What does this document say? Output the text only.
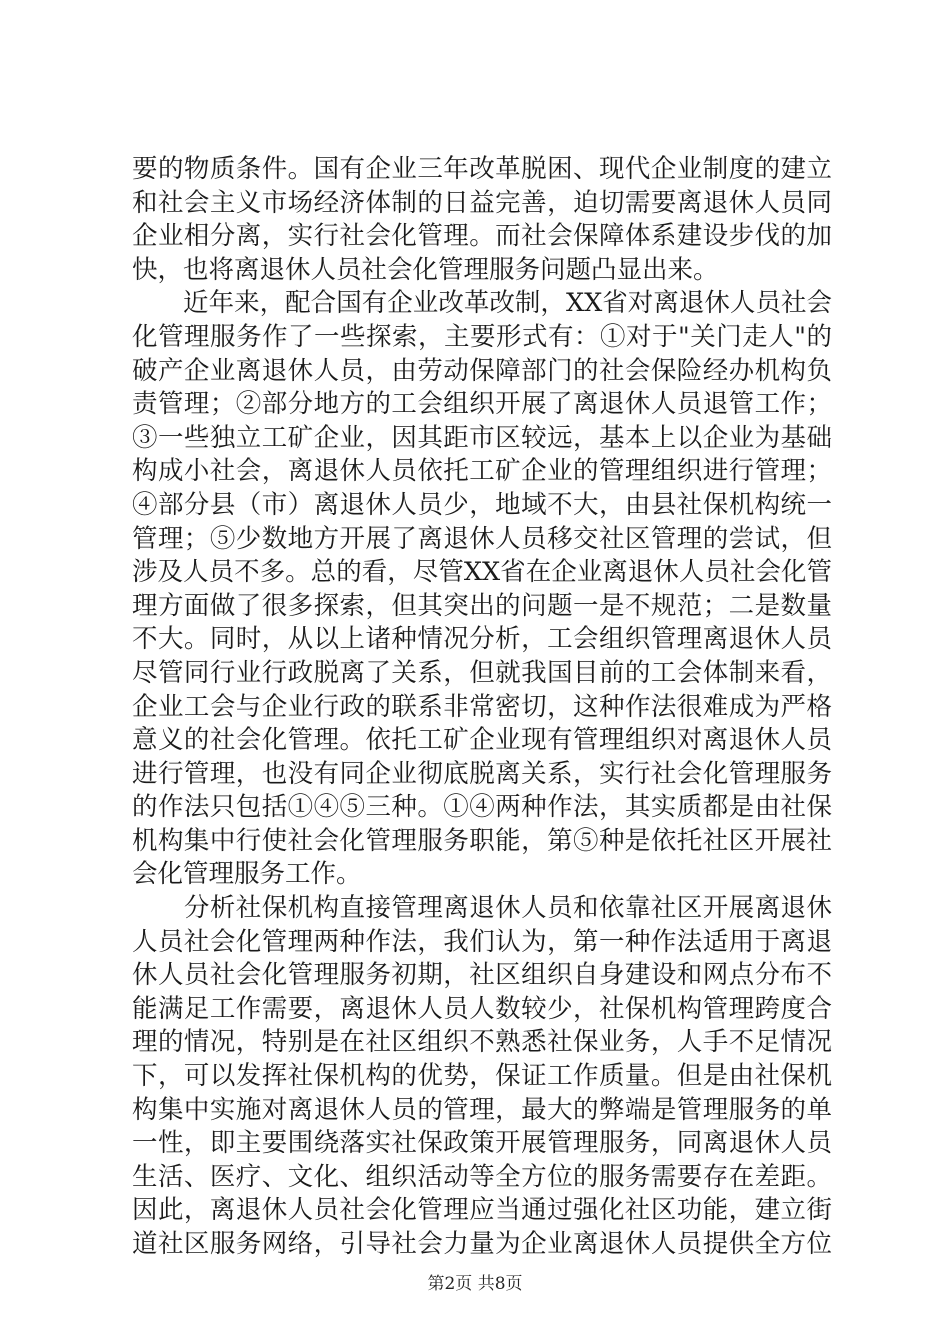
要的物质条件。国有企业三年改革脱困、现代企业制度的建立
和社会主义市场经济体制的日益完善，迫切需要离退休人员同
企业相分离，实行社会化管理。而社会保障体系建设步伐的加
快，也将离退休人员社会化管理服务问题凸显出来。
　　近年来，配合国有企业改革改制，XX省对离退休人员社会
化管理服务作了一些探索，主要形式有：①对于"关门走人"的
破产企业离退休人员，由劳动保障部门的社会保险经办机构负
责管理；②部分地方的工会组织开展了离退休人员退管工作；
③一些独立工矿企业，因其距市区较远，基本上以企业为基础
构成小社会，离退休人员依托工矿企业的管理组织进行管理；
④部分县（市）离退休人员少，地域不大，由县社保机构统一
管理；⑤少数地方开展了离退休人员移交社区管理的尝试，但
涉及人员不多。总的看，尽管XX省在企业离退休人员社会化管
理方面做了很多探索，但其突出的问题一是不规范；二是数量
不大。同时，从以上诸种情况分析，工会组织管理离退休人员
尽管同行业行政脱离了关系，但就我国目前的工会体制来看，
企业工会与企业行政的联系非常密切，这种作法很难成为严格
意义的社会化管理。依托工矿企业现有管理组织对离退休人员
进行管理，也没有同企业彻底脱离关系，实行社会化管理服务
的作法只包括①④⑤三种。①④两种作法，其实质都是由社保
机构集中行使社会化管理服务职能，第⑤种是依托社区开展社
会化管理服务工作。
　　分析社保机构直接管理离退休人员和依靠社区开展离退休
人员社会化管理两种作法，我们认为，第一种作法适用于离退
休人员社会化管理服务初期，社区组织自身建设和网点分布不
能满足工作需要，离退休人员人数较少，社保机构管理跨度合
理的情况，特别是在社区组织不熟悉社保业务，人手不足情况
下，可以发挥社保机构的优势，保证工作质量。但是由社保机
构集中实施对离退休人员的管理，最大的弊端是管理服务的单
一性，即主要围绕落实社保政策开展管理服务，同离退休人员
生活、医疗、文化、组织活动等全方位的服务需要存在差距。
因此，离退休人员社会化管理应当通过强化社区功能，建立街
道社区服务网络，引导社会力量为企业离退休人员提供全方位
第2页 共8页
